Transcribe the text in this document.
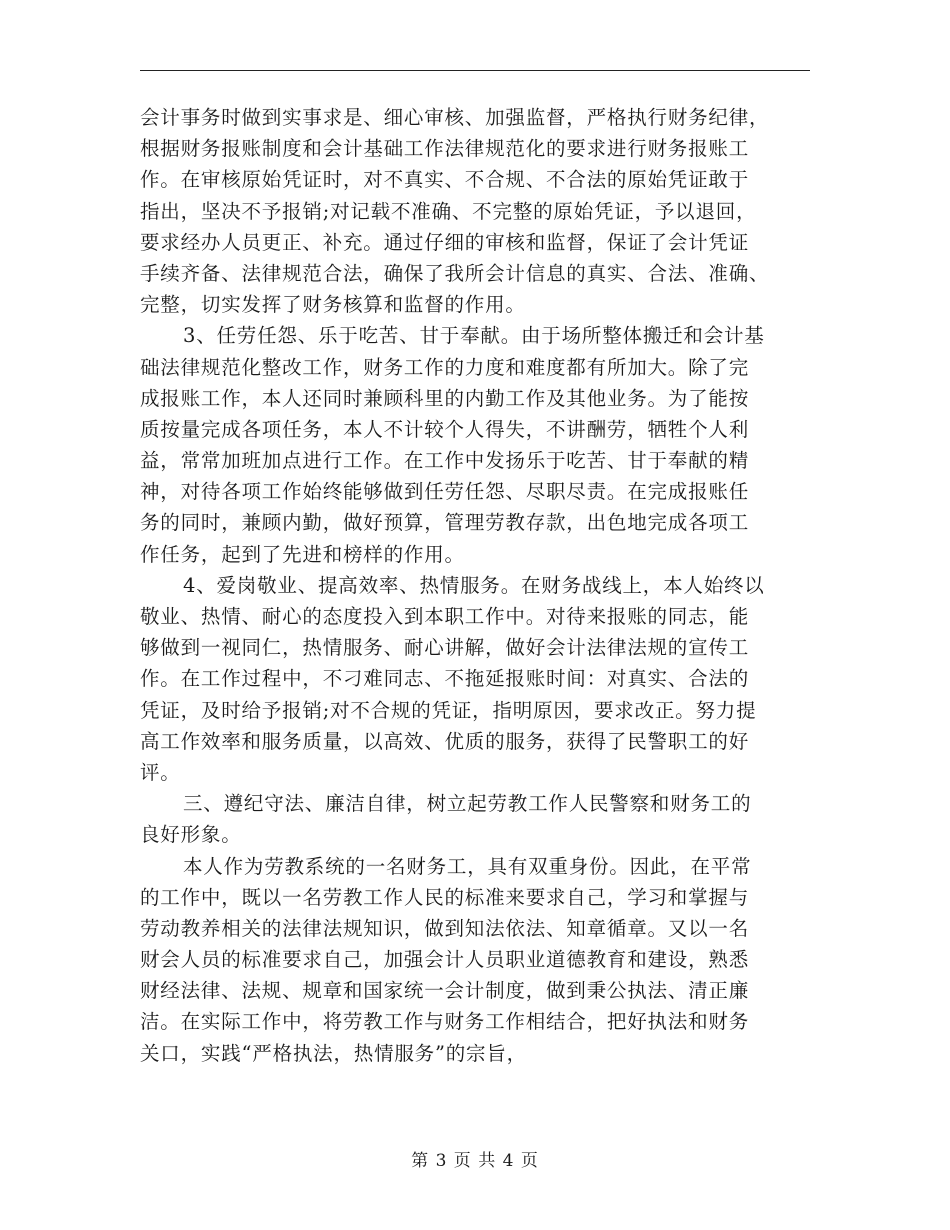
会计事务时做到实事求是、细心审核、加强监督，严格执行财务纪律，
根据财务报账制度和会计基础工作法律规范化的要求进行财务报账工
作。在审核原始凭证时，对不真实、不合规、不合法的原始凭证敢于
指出，坚决不予报销;对记载不准确、不完整的原始凭证，予以退回，
要求经办人员更正、补充。通过仔细的审核和监督，保证了会计凭证
手续齐备、法律规范合法，确保了我所会计信息的真实、合法、准确、
完整，切实发挥了财务核算和监督的作用。
3、任劳任怨、乐于吃苦、甘于奉献。由于场所整体搬迁和会计基
础法律规范化整改工作，财务工作的力度和难度都有所加大。除了完
成报账工作，本人还同时兼顾科里的内勤工作及其他业务。为了能按
质按量完成各项任务，本人不计较个人得失，不讲酬劳，牺牲个人利
益，常常加班加点进行工作。在工作中发扬乐于吃苦、甘于奉献的精
神，对待各项工作始终能够做到任劳任怨、尽职尽责。在完成报账任
务的同时，兼顾内勤，做好预算，管理劳教存款，出色地完成各项工
作任务，起到了先进和榜样的作用。
4、爱岗敬业、提高效率、热情服务。在财务战线上，本人始终以
敬业、热情、耐心的态度投入到本职工作中。对待来报账的同志，能
够做到一视同仁，热情服务、耐心讲解，做好会计法律法规的宣传工
作。在工作过程中，不刁难同志、不拖延报账时间：对真实、合法的
凭证，及时给予报销;对不合规的凭证，指明原因，要求改正。努力提
高工作效率和服务质量，以高效、优质的服务，获得了民警职工的好
评。
三、遵纪守法、廉洁自律，树立起劳教工作人民警察和财务工的
良好形象。
本人作为劳教系统的一名财务工，具有双重身份。因此，在平常
的工作中，既以一名劳教工作人民的标准来要求自己，学习和掌握与
劳动教养相关的法律法规知识，做到知法依法、知章循章。又以一名
财会人员的标准要求自己，加强会计人员职业道德教育和建设，熟悉
财经法律、法规、规章和国家统一会计制度，做到秉公执法、清正廉
洁。在实际工作中，将劳教工作与财务工作相结合，把好执法和财务
关口，实践“严格执法，热情服务”的宗旨，
第 3 页 共 4 页
